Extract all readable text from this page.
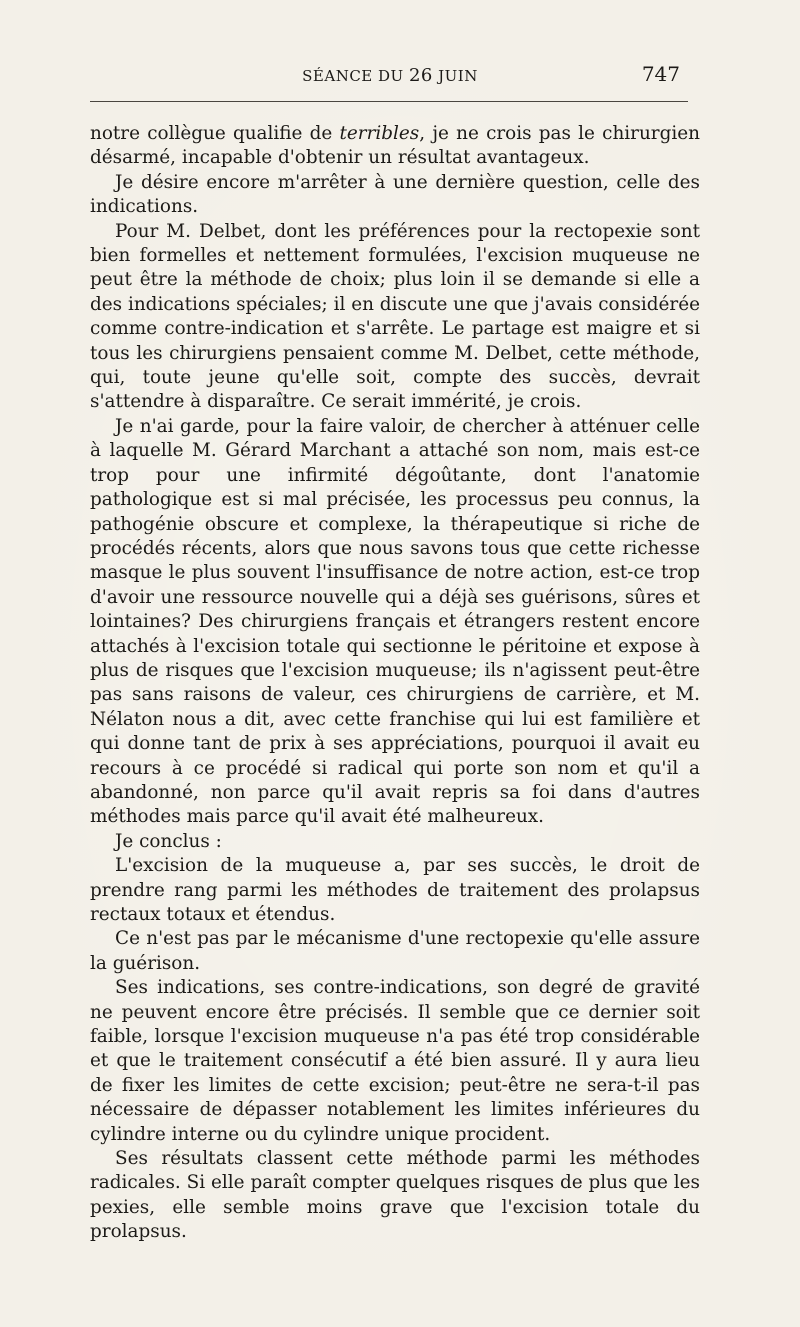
SÉANCE DU 26 JUIN	747

notre collègue qualifie de terribles, je ne crois pas le chirurgien désarmé, incapable d'obtenir un résultat avantageux.

Je désire encore m'arrêter à une dernière question, celle des indications.

Pour M. Delbet, dont les préférences pour la rectopexie sont bien formelles et nettement formulées, l'excision muqueuse ne peut être la méthode de choix; plus loin il se demande si elle a des indications spéciales; il en discute une que j'avais considérée comme contre-indication et s'arrête. Le partage est maigre et si tous les chirurgiens pensaient comme M. Delbet, cette méthode, qui, toute jeune qu'elle soit, compte des succès, devrait s'attendre à disparaître. Ce serait immérité, je crois.

Je n'ai garde, pour la faire valoir, de chercher à atténuer celle à laquelle M. Gérard Marchant a attaché son nom, mais est-ce trop pour une infirmité dégoûtante, dont l'anatomie pathologique est si mal précisée, les processus peu connus, la pathogénie obscure et complexe, la thérapeutique si riche de procédés récents, alors que nous savons tous que cette richesse masque le plus souvent l'insuffisance de notre action, est-ce trop d'avoir une ressource nouvelle qui a déjà ses guérisons, sûres et lointaines? Des chirurgiens français et étrangers restent encore attachés à l'excision totale qui sectionne le péritoine et expose à plus de risques que l'excision muqueuse; ils n'agissent peut-être pas sans raisons de valeur, ces chirurgiens de carrière, et M. Nélaton nous a dit, avec cette franchise qui lui est familière et qui donne tant de prix à ses appréciations, pourquoi il avait eu recours à ce procédé si radical qui porte son nom et qu'il a abandonné, non parce qu'il avait repris sa foi dans d'autres méthodes mais parce qu'il avait été malheureux.

Je conclus :

L'excision de la muqueuse a, par ses succès, le droit de prendre rang parmi les méthodes de traitement des prolapsus rectaux totaux et étendus.

Ce n'est pas par le mécanisme d'une rectopexie qu'elle assure la guérison.

Ses indications, ses contre-indications, son degré de gravité ne peuvent encore être précisés. Il semble que ce dernier soit faible, lorsque l'excision muqueuse n'a pas été trop considérable et que le traitement consécutif a été bien assuré. Il y aura lieu de fixer les limites de cette excision; peut-être ne sera-t-il pas nécessaire de dépasser notablement les limites inférieures du cylindre interne ou du cylindre unique procident.

Ses résultats classent cette méthode parmi les méthodes radicales. Si elle paraît compter quelques risques de plus que les pexies, elle semble moins grave que l'excision totale du prolapsus.
